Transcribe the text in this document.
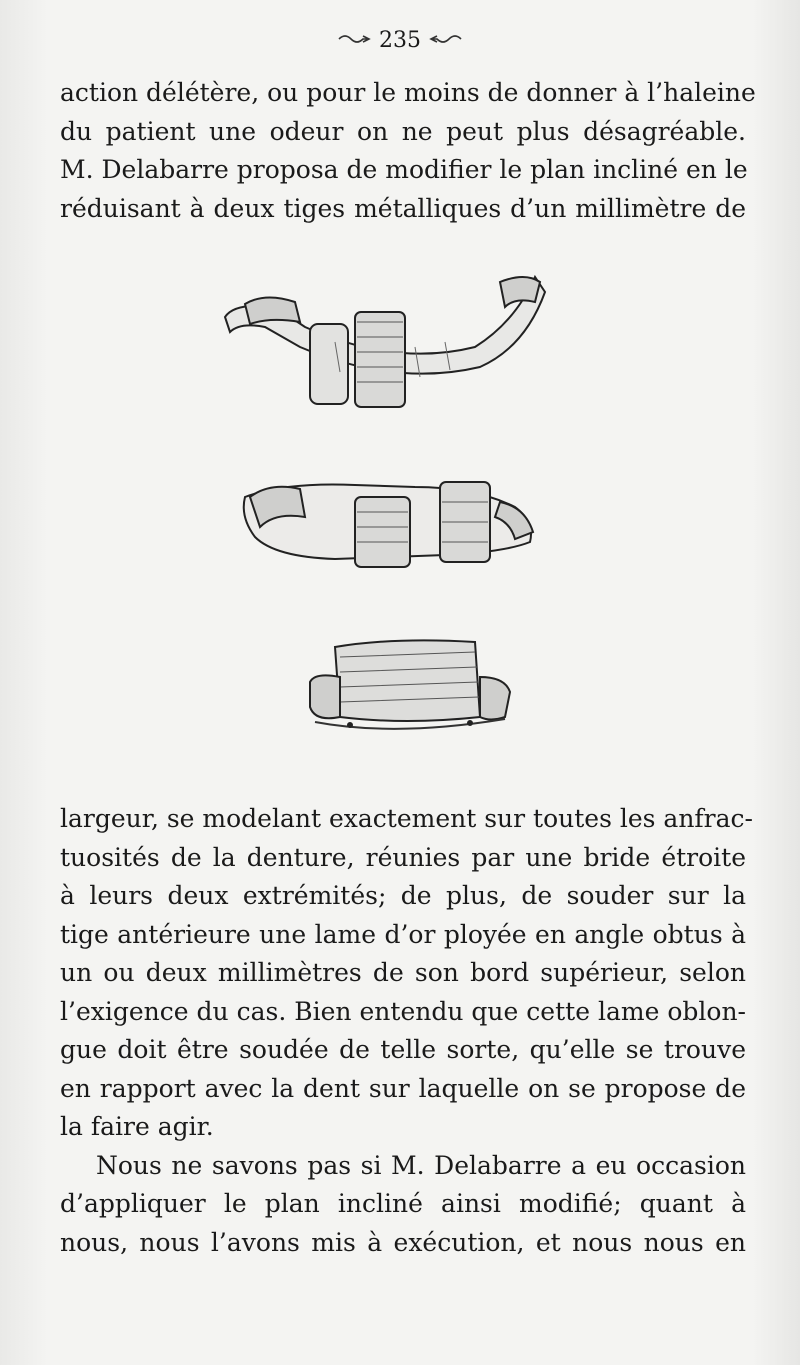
235
action délétère, ou pour le moins de donner à l’haleine
du patient une odeur on ne peut plus désagréable.
M. Delabarre proposa de modifier le plan incliné en le
réduisant à deux tiges métalliques d’un millimètre de
largeur, se modelant exactement sur toutes les anfrac-
tuosités de la denture, réunies par une bride étroite
à leurs deux extrémités; de plus, de souder sur la
tige antérieure une lame d’or ployée en angle obtus à
un ou deux millimètres de son bord supérieur, selon
l’exigence du cas. Bien entendu que cette lame oblon-
gue doit être soudée de telle sorte, qu’elle se trouve
en rapport avec la dent sur laquelle on se propose de
la faire agir.
Nous ne savons pas si M. Delabarre a eu occasion
d’appliquer le plan incliné ainsi modifié; quant à
nous, nous l’avons mis à exécution, et nous nous en
